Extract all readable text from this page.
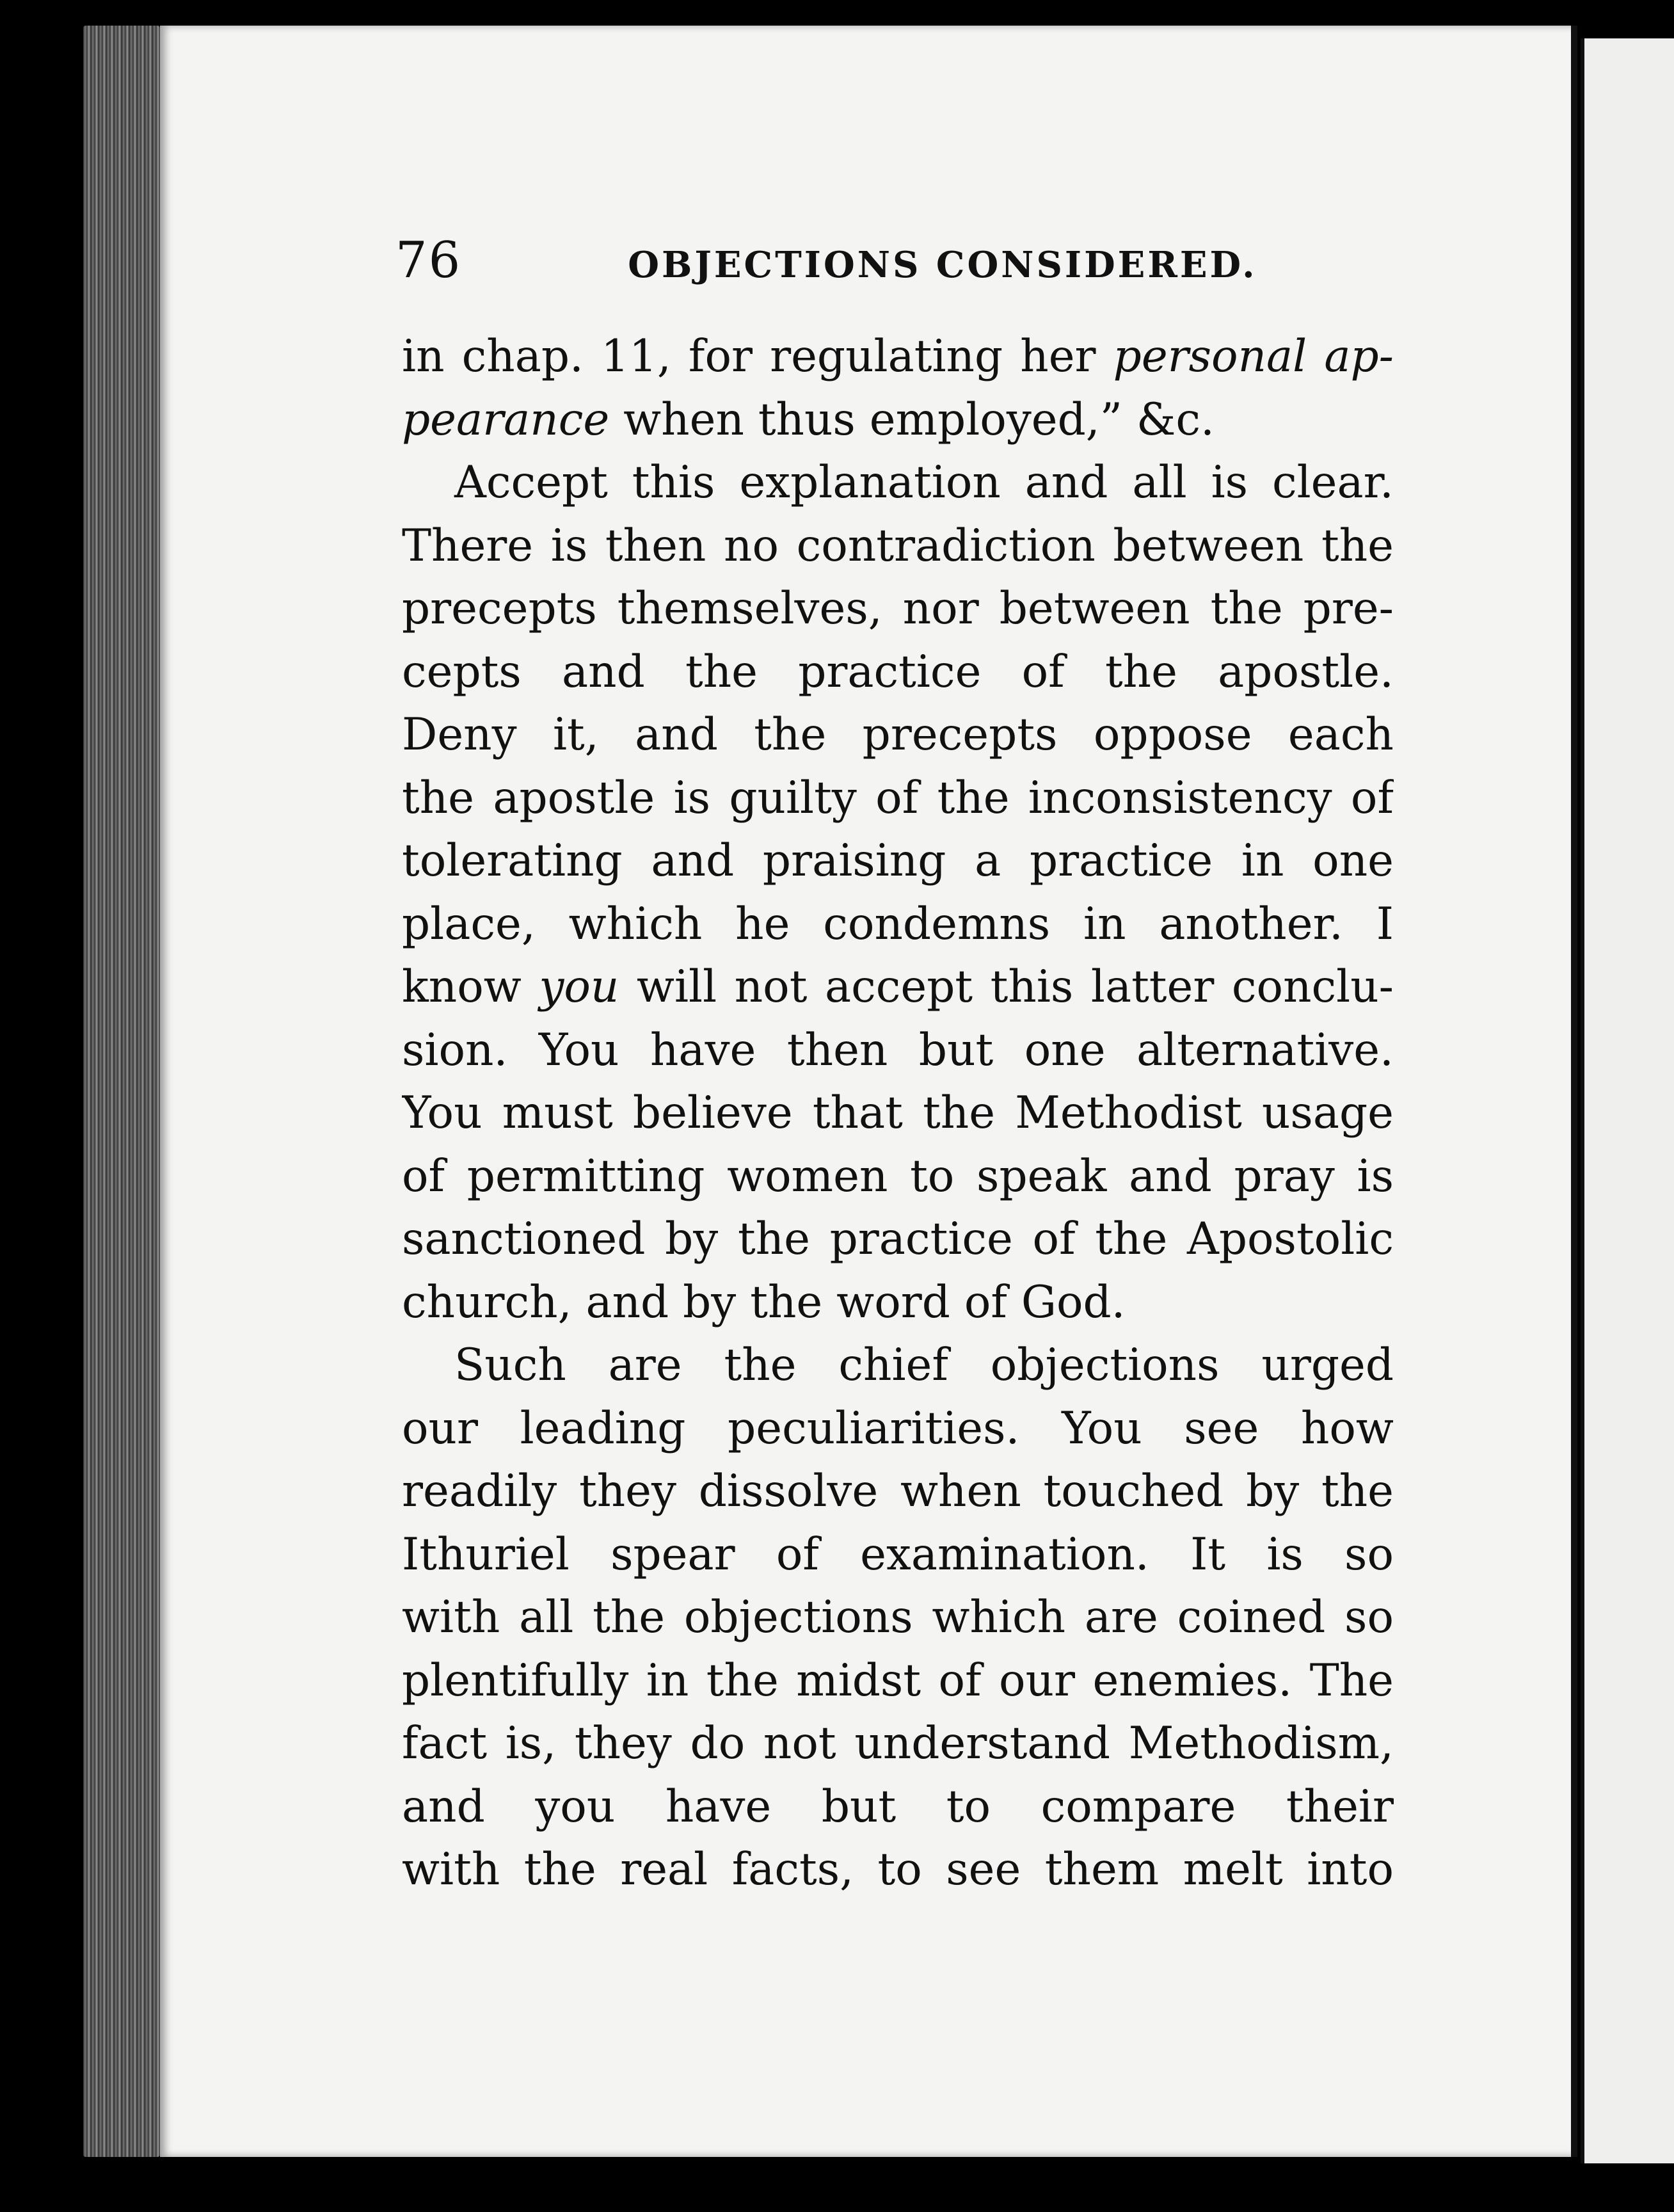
76	OBJECTIONS CONSIDERED.
in chap. 11, for regulating her personal ap-
pearance when thus employed,” &c.
Accept this explanation and all is clear.
There is then no contradiction between the
precepts themselves, nor between the pre-
cepts and the practice of the apostle.
Deny it, and the precepts oppose each
the apostle is guilty of the inconsistency of
tolerating and praising a practice in one
place, which he condemns in another. I
know you will not accept this latter conclu-
sion. You have then but one alternative.
You must believe that the Methodist usage
of permitting women to speak and pray is
sanctioned by the practice of the Apostolic
church, and by the word of God.
Such are the chief objections urged
our leading peculiarities. You see how
readily they dissolve when touched by the
Ithuriel spear of examination. It is so
with all the objections which are coined so
plentifully in the midst of our enemies. The
fact is, they do not understand Methodism,
and you have but to compare their
with the real facts, to see them melt into
